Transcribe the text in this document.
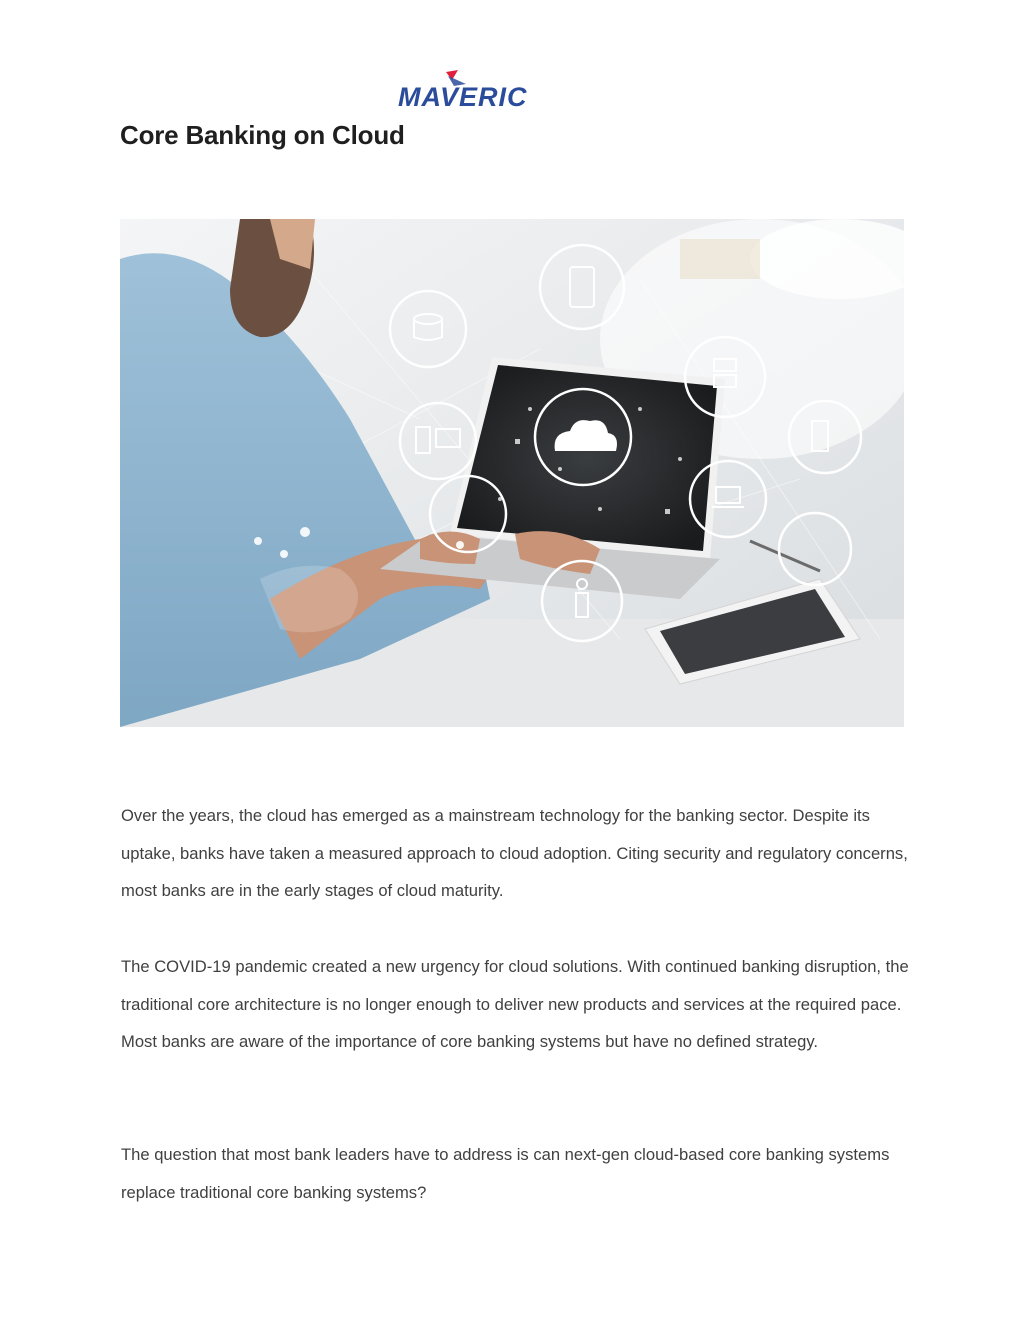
MAVERIC
Core Banking on Cloud

Over the years, the cloud has emerged as a mainstream technology for the banking sector. Despite its uptake, banks have taken a measured approach to cloud adoption. Citing security and regulatory concerns, most banks are in the early stages of cloud maturity.

The COVID-19 pandemic created a new urgency for cloud solutions. With continued banking disruption, the traditional core architecture is no longer enough to deliver new products and services at the required pace. Most banks are aware of the importance of core banking systems but have no defined strategy.

The question that most bank leaders have to address is can next-gen cloud-based core banking systems replace traditional core banking systems?
